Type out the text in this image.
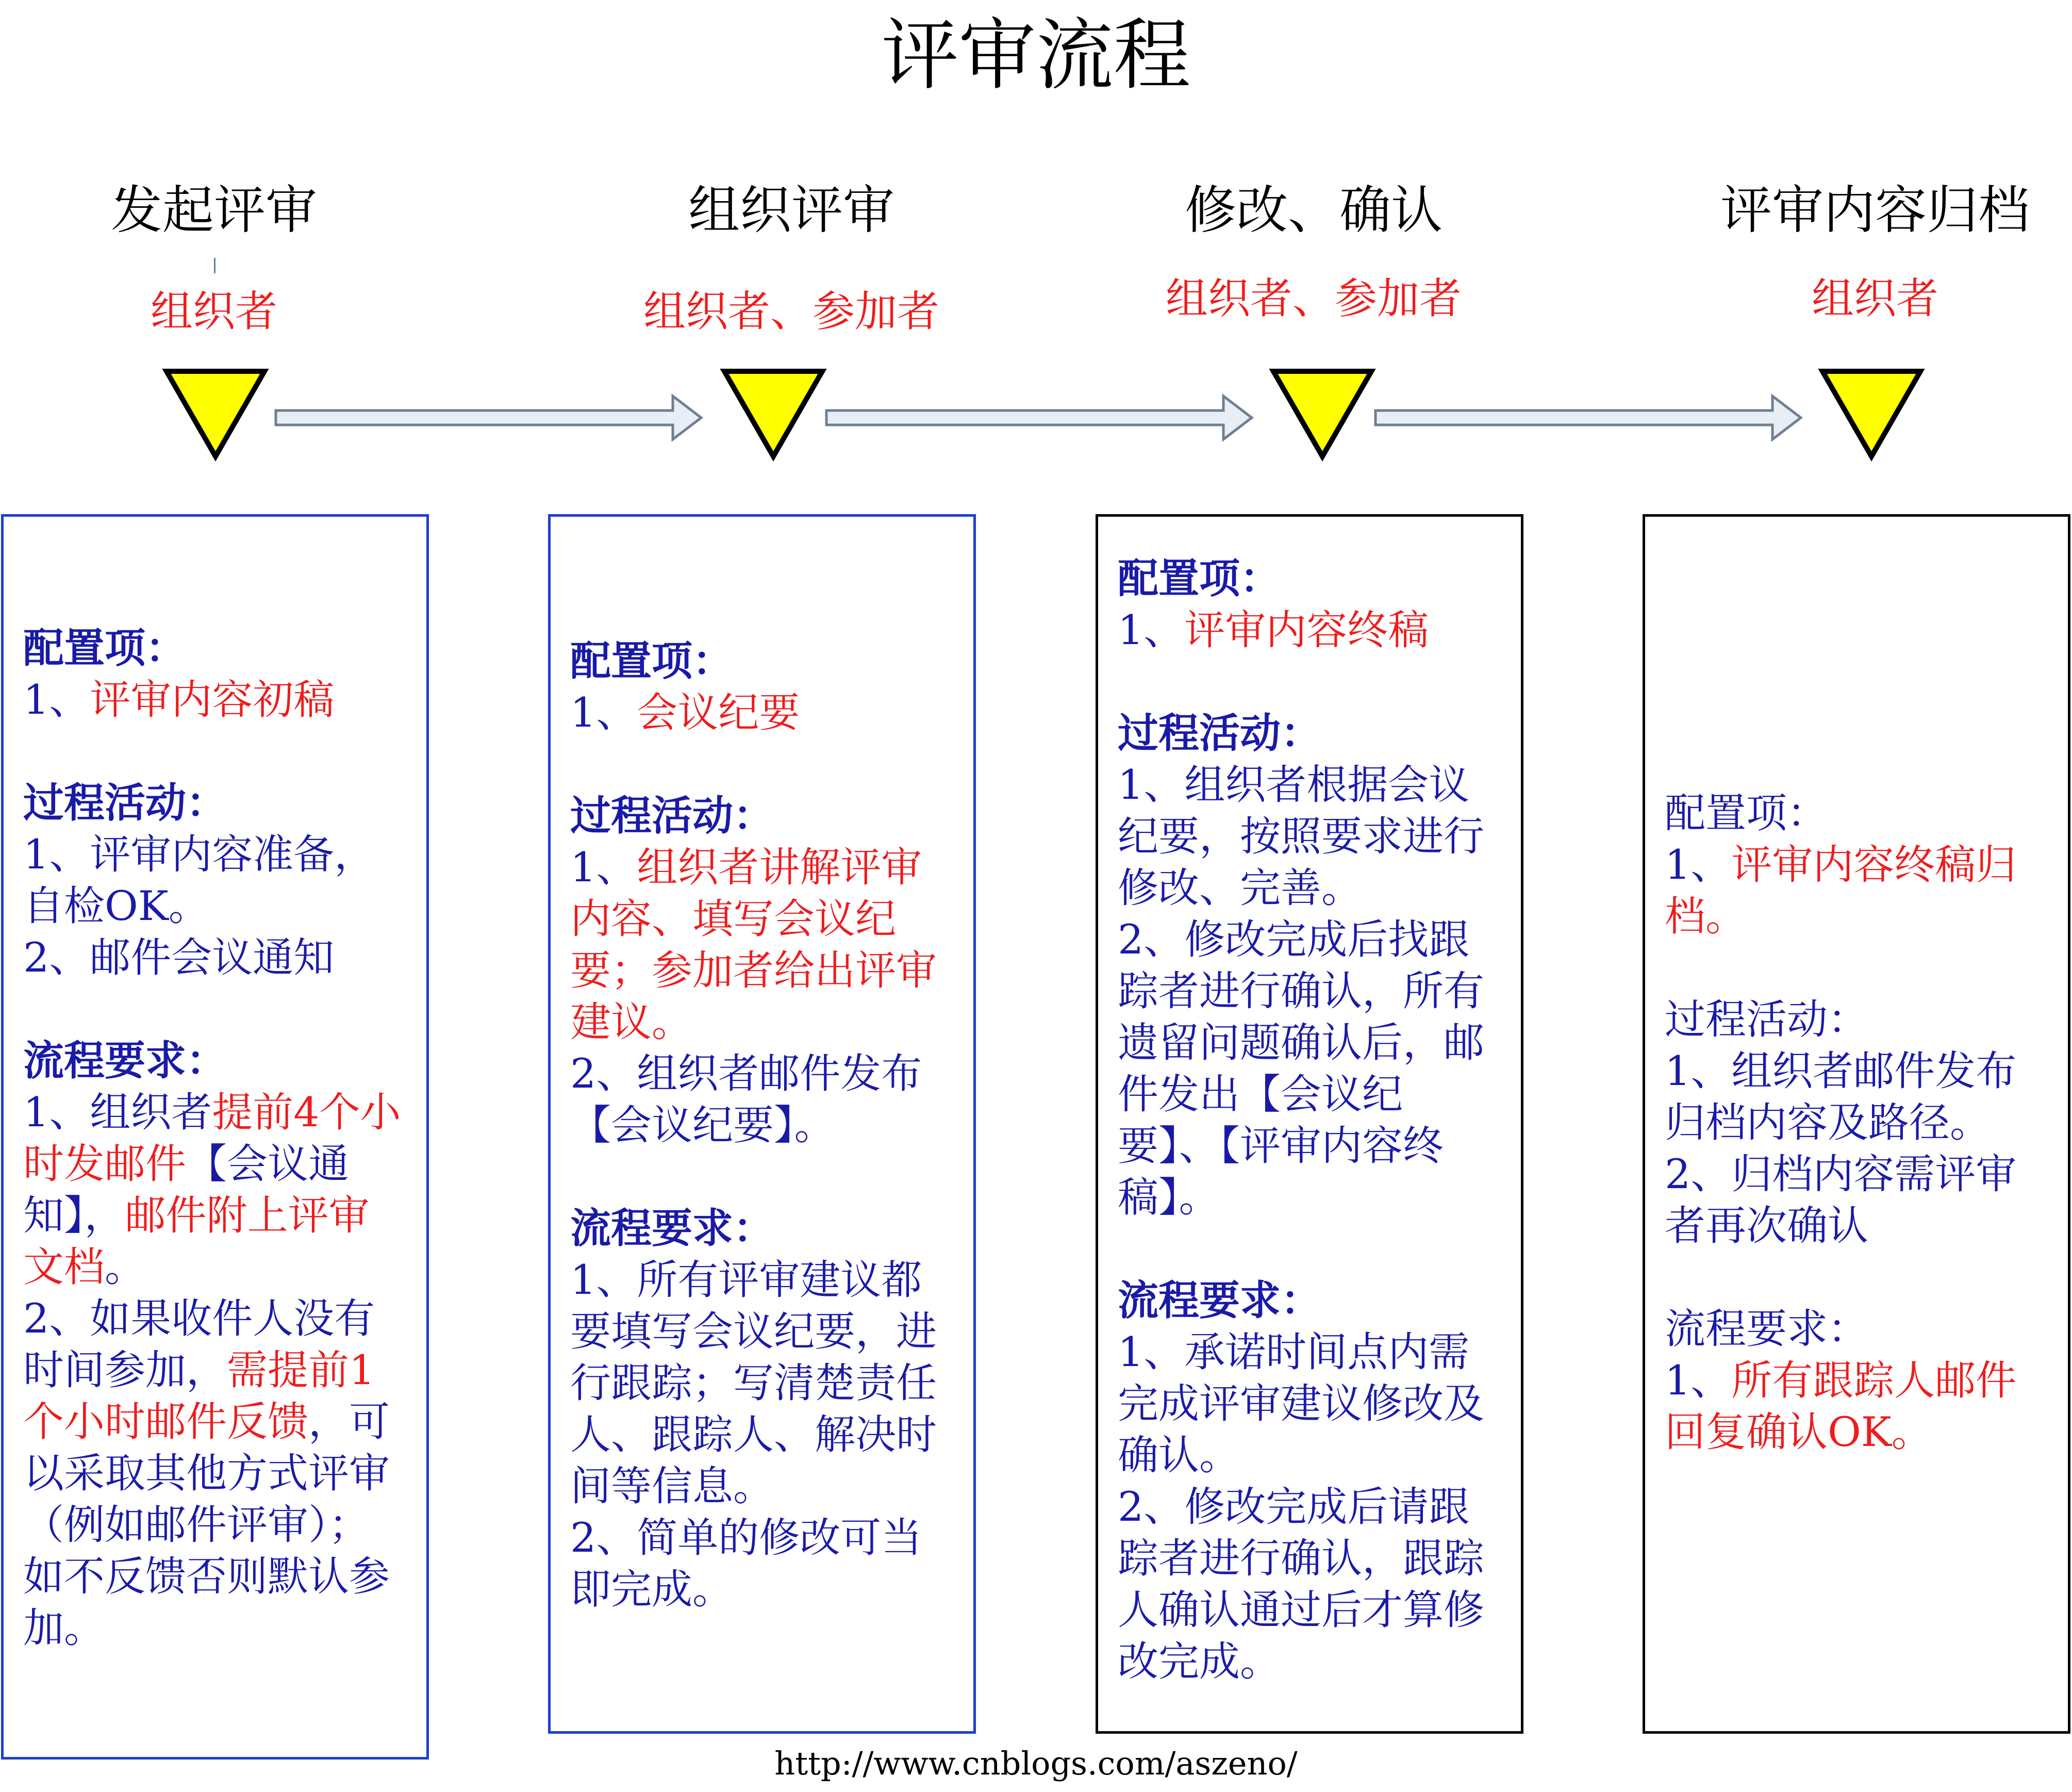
评审流程
发起评审	组织评审	修改、确认	评审内容归档
组织者	组织者、参加者	组织者、参加者	组织者
配置项：
1、评审内容初稿
过程活动：
1、评审内容准备，
自检OK。
2、邮件会议通知
流程要求：
1、组织者提前4个小
时发邮件【会议通
知】，邮件附上评审
文档。
2、如果收件人没有
时间参加，需提前1
个小时邮件反馈，可
以采取其他方式评审
（例如邮件评审）；
如不反馈否则默认参
加。
配置项：
1、会议纪要
过程活动：
1、组织者讲解评审
内容、填写会议纪
要；参加者给出评审
建议。
2、组织者邮件发布
【会议纪要】。
流程要求：
1、所有评审建议都
要填写会议纪要，进
行跟踪；写清楚责任
人、跟踪人、解决时
间等信息。
2、简单的修改可当
即完成。
配置项：
1、评审内容终稿
过程活动：
1、组织者根据会议
纪要，按照要求进行
修改、完善。
2、修改完成后找跟
踪者进行确认，所有
遗留问题确认后，邮
件发出【会议纪
要】、【评审内容终
稿】。
流程要求：
1、承诺时间点内需
完成评审建议修改及
确认。
2、修改完成后请跟
踪者进行确认，跟踪
人确认通过后才算修
改完成。
配置项：
1、评审内容终稿归
档。
过程活动：
1、组织者邮件发布
归档内容及路径。
2、归档内容需评审
者再次确认
流程要求：
1、所有跟踪人邮件
回复确认OK。
http://www.cnblogs.com/aszeno/
